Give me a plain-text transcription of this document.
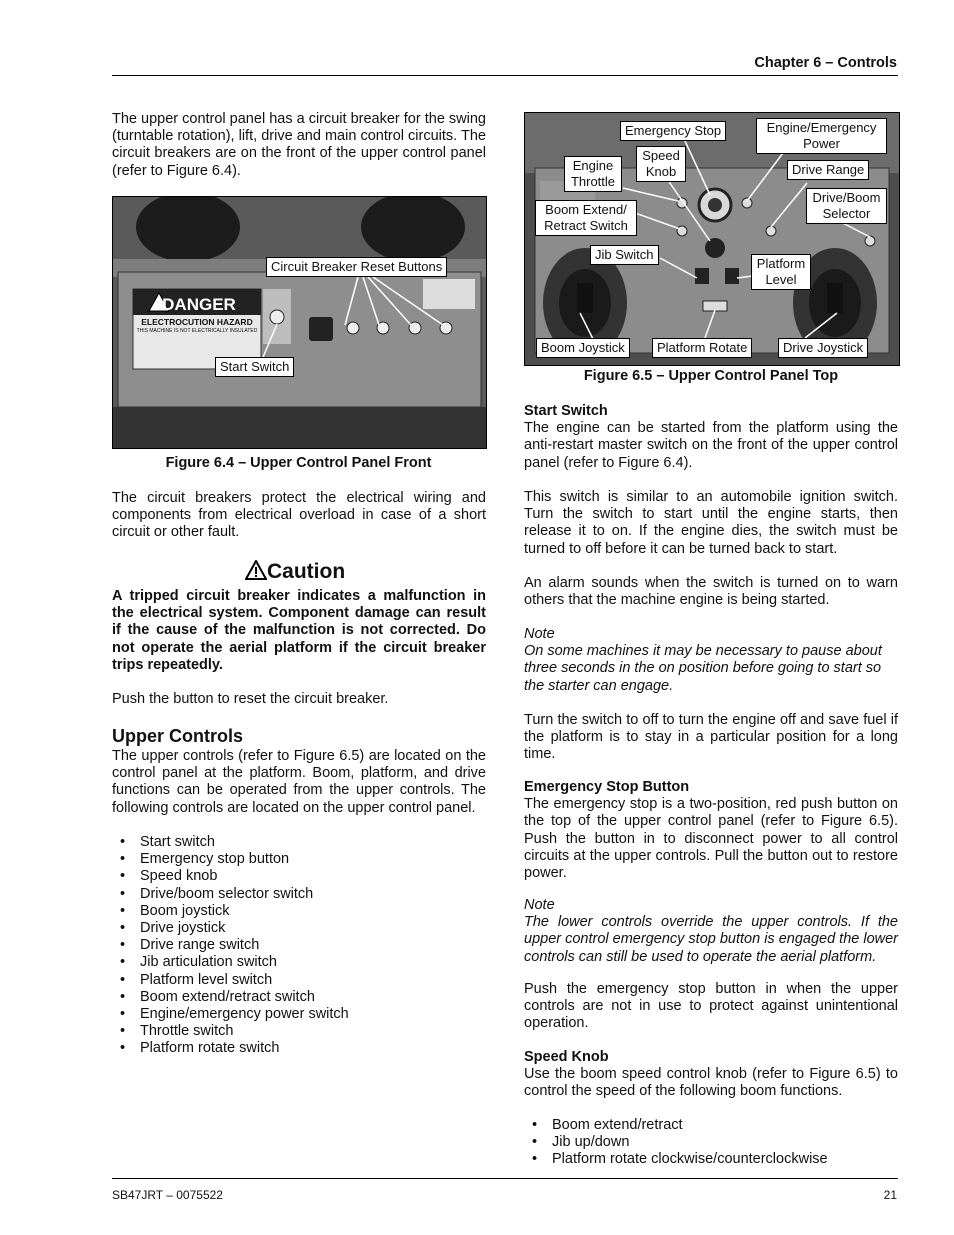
Chapter 6 – Controls

The upper control panel has a circuit breaker for the swing (turntable rotation), lift, drive and main control circuits. The circuit breakers are on the front of the upper control panel (refer to Figure 6.4).

DANGER
ELECTROCUTION HAZARD
THIS MACHINE IS NOT ELECTRICALLY INSULATED
Circuit Breaker Reset Buttons
Start Switch
Figure 6.4 – Upper Control Panel Front

The circuit breakers protect the electrical wiring and components from electrical overload in case of a short circuit or other fault.

Caution

A tripped circuit breaker indicates a malfunction in the electrical system. Component damage can result if the cause of the malfunction is not corrected. Do not operate the aerial platform if the circuit breaker trips repeatedly.

Push the button to reset the circuit breaker.

Upper Controls

The upper controls (refer to Figure 6.5) are located on the control panel at the platform. Boom, platform, and drive functions can be operated from the upper controls. The following controls are located on the upper control panel.

• Start switch
• Emergency stop button
• Speed knob
• Drive/boom selector switch
• Boom joystick
• Drive joystick
• Drive range switch
• Jib articulation switch
• Platform level switch
• Boom extend/retract switch
• Engine/emergency power switch
• Throttle switch
• Platform rotate switch
Emergency Stop	Engine/Emergency
Power
Speed
Knob
Engine
Throttle
Drive Range
Boom Extend/
Retract Switch
Drive/Boom
Selector
Jib Switch
Platform
Level
Boom Joystick	Platform Rotate	Drive Joystick
Figure 6.5 – Upper Control Panel Top

Start Switch

The engine can be started from the platform using the anti-restart master switch on the front of the upper control panel (refer to Figure 6.4).

This switch is similar to an automobile ignition switch. Turn the switch to start until the engine starts, then release it to on. If the engine dies, the switch must be turned to off before it can be turned back to start.

An alarm sounds when the switch is turned on to warn others that the machine engine is being started.

Note

On some machines it may be necessary to pause about three seconds in the on position before going to start so the starter can engage.

Turn the switch to off to turn the engine off and save fuel if the platform is to stay in a particular position for a long time.

Emergency Stop Button

The emergency stop is a two-position, red push button on the top of the upper control panel (refer to Figure 6.5). Push the button in to disconnect power to all control circuits at the upper controls. Pull the button out to restore power.

Note

The lower controls override the upper controls. If the upper control emergency stop button is engaged the lower controls can still be used to operate the aerial platform.

Push the emergency stop button in when the upper controls are not in use to protect against unintentional operation.

Speed Knob

Use the boom speed control knob (refer to Figure 6.5) to control the speed of the following boom functions.

• Boom extend/retract
• Jib up/down
• Platform rotate clockwise/counterclockwise
SB47JRT – 0075522	21
